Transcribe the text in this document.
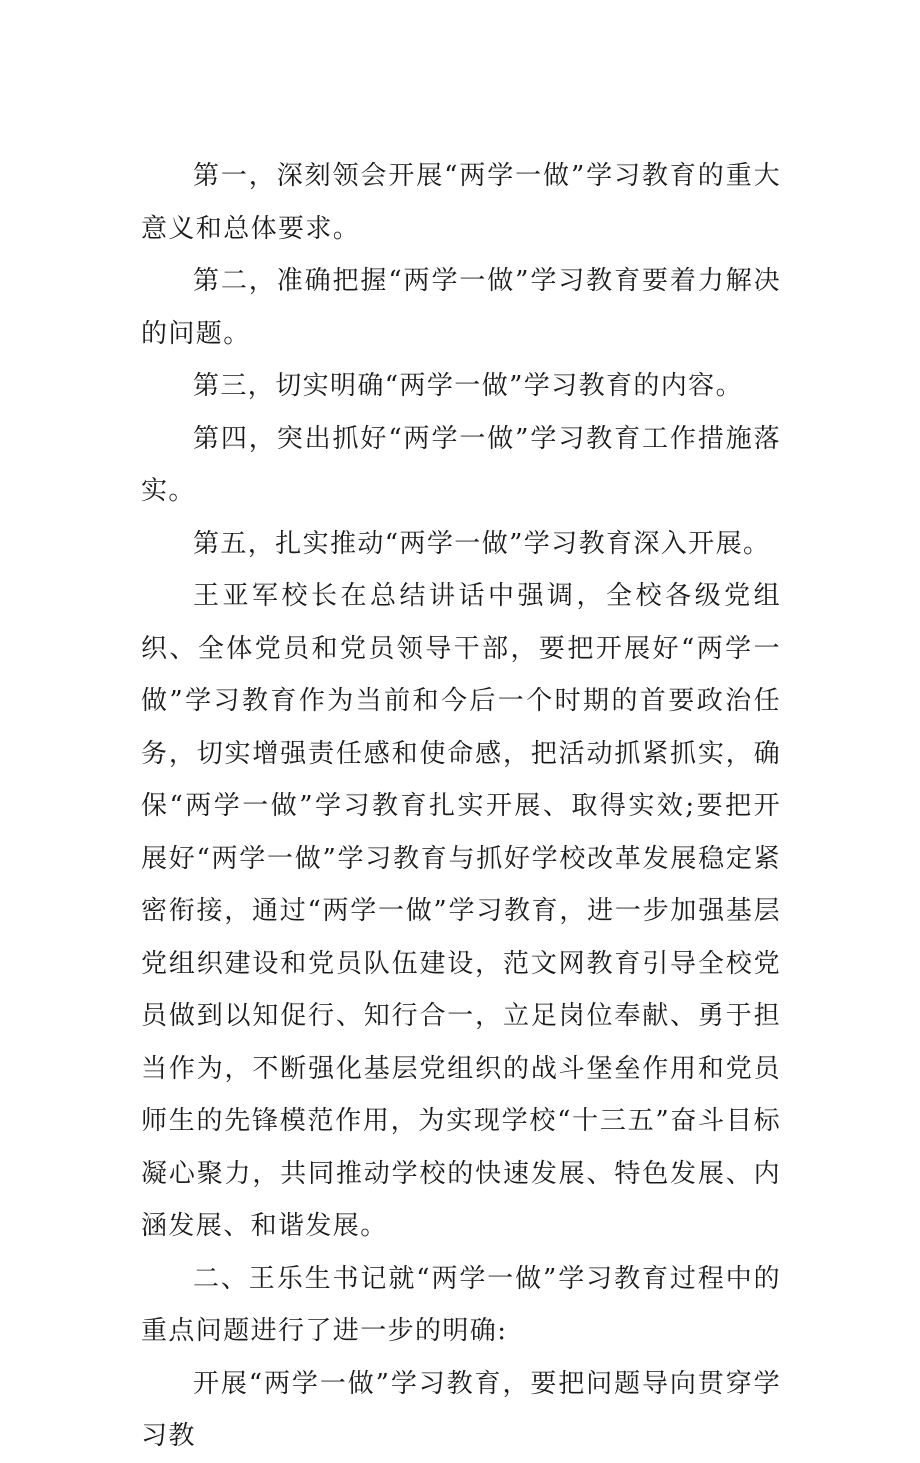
第一，深刻领会开展“两学一做”学习教育的重大意义和总体要求。

第二，准确把握“两学一做”学习教育要着力解决的问题。

第三，切实明确“两学一做”学习教育的内容。

第四，突出抓好“两学一做”学习教育工作措施落实。

第五，扎实推动“两学一做”学习教育深入开展。

王亚军校长在总结讲话中强调，全校各级党组织、全体党员和党员领导干部，要把开展好“两学一做”学习教育作为当前和今后一个时期的首要政治任务，切实增强责任感和使命感，把活动抓紧抓实，确保“两学一做”学习教育扎实开展、取得实效;要把开展好“两学一做”学习教育与抓好学校改革发展稳定紧密衔接，通过“两学一做”学习教育，进一步加强基层党组织建设和党员队伍建设，范文网教育引导全校党员做到以知促行、知行合一，立足岗位奉献、勇于担当作为，不断强化基层党组织的战斗堡垒作用和党员师生的先锋模范作用，为实现学校“十三五”奋斗目标凝心聚力，共同推动学校的快速发展、特色发展、内涵发展、和谐发展。

二、王乐生书记就“两学一做”学习教育过程中的重点问题进行了进一步的明确:

开展“两学一做”学习教育，要把问题导向贯穿学习教
